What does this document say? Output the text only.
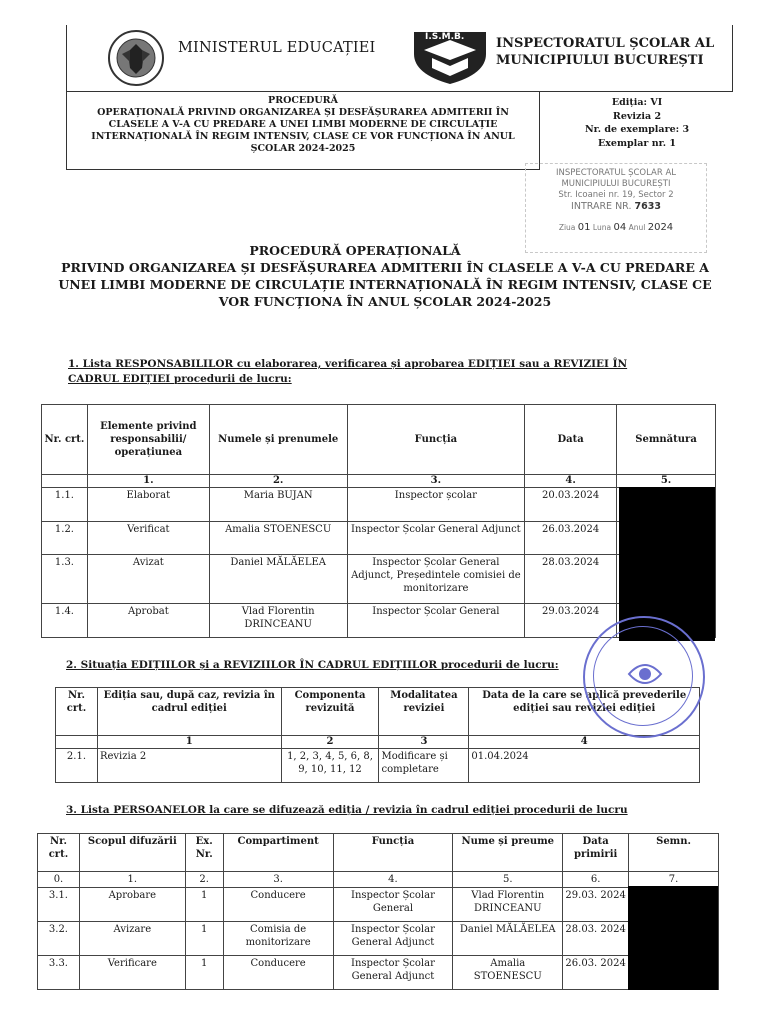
MINISTERUL EDUCAȚIEI
I.S.M.B. INSPECTORATUL ȘCOLAR AL
MUNICIPIULUI BUCUREȘTI
PROCEDURĂ
OPERAȚIONALĂ PRIVIND ORGANIZAREA ȘI DESFĂȘURAREA ADMITERII ÎN
CLASELE A V-A CU PREDARE A UNEI LIMBI MODERNE DE CIRCULAȚIE
INTERNAȚIONALĂ ÎN REGIM INTENSIV, CLASE CE VOR FUNCȚIONA ÎN ANUL
ȘCOLAR 2024-2025
Ediția: VI
Revizia 2
Nr. de exemplare: 3
Exemplar nr. 1
INSPECTORATUL ȘCOLAR AL
MUNICIPIULUI BUCUREȘTI
Str. Icoanei nr. 19, Sector 2
INTRARE NR. 7633
Ziua 01 Luna 04 Anul 2024
PROCEDURĂ OPERAȚIONALĂ
PRIVIND ORGANIZAREA ȘI DESFĂȘURAREA ADMITERII ÎN CLASELE A V-A CU PREDARE A
UNEI LIMBI MODERNE DE CIRCULAȚIE INTERNAȚIONALĂ ÎN REGIM INTENSIV, CLASE CE
VOR FUNCȚIONA ÎN ANUL ȘCOLAR 2024-2025
1. Lista RESPONSABILILOR cu elaborarea, verificarea și aprobarea EDIȚIEI sau a REVIZIEI ÎN
CADRUL EDIȚIEI procedurii de lucru:
Nr. crt.	Elemente privind responsabilii/ operațiunea	Numele și prenumele	Funcția	Data	Semnătura
	1.	2.	3.	4.	5.
1.1.	Elaborat	Maria BUJAN	Inspector școlar	20.03.2024	
1.2.	Verificat	Amalia STOENESCU	Inspector Școlar General Adjunct	26.03.2024	
1.3.	Avizat	Daniel MĂLĂELEA	Inspector Școlar General Adjunct, Președintele comisiei de monitorizare	28.03.2024	
1.4.	Aprobat	Vlad Florentin DRINCEANU	Inspector Școlar General	29.03.2024	
2. Situația EDIȚIILOR și a REVIZIILOR ÎN CADRUL EDIȚIILOR procedurii de lucru:
Nr. crt.	Ediția sau, după caz, revizia în cadrul ediției	Componenta revizuită	Modalitatea reviziei	Data de la care se aplică prevederile ediției sau reviziei ediției
	1	2	3	4
2.1.	Revizia 2	1, 2, 3, 4, 5, 6, 8, 9, 10, 11, 12	Modificare și completare	01.04.2024
3. Lista PERSOANELOR la care se difuzează ediția / revizia în cadrul ediției procedurii de lucru
Nr. crt.	Scopul difuzării	Ex. Nr.	Compartiment	Funcția	Nume și preume	Data primirii	Semn.
0.	1.	2.	3.	4.	5.	6.	7.
3.1.	Aprobare	1	Conducere	Inspector Școlar General	Vlad Florentin DRINCEANU	29.03. 2024	
3.2.	Avizare	1	Comisia de monitorizare	Inspector Școlar General Adjunct	Daniel MĂLĂELEA	28.03. 2024	
3.3.	Verificare	1	Conducere	Inspector Școlar General Adjunct	Amalia STOENESCU	26.03. 2024	
